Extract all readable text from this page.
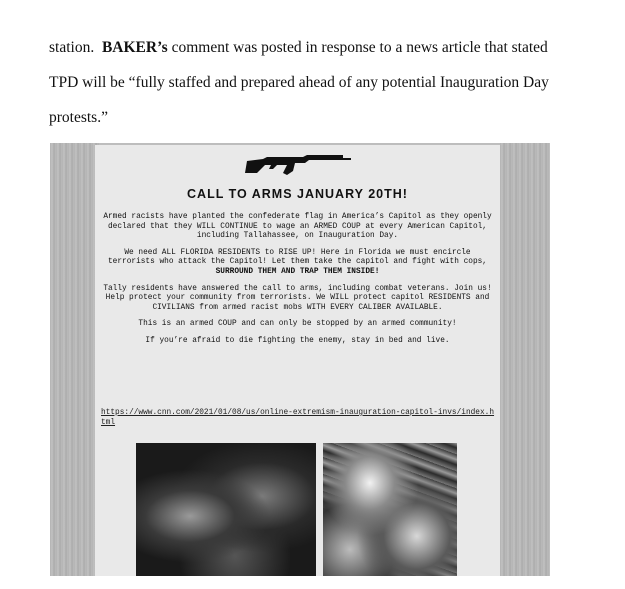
station. BAKER’s comment was posted in response to a news article that stated

TPD will be “fully staffed and prepared ahead of any potential Inauguration Day

protests.”

CALL TO ARMS JANUARY 20TH!

Armed racists have planted the confederate flag in America’s Capitol as they openly declared that they WILL CONTINUE to wage an ARMED COUP at every American Capitol, including Tallahassee, on Inauguration Day.

We need ALL FLORIDA RESIDENTS to RISE UP! Here in Florida we must encircle terrorists who attack the Capitol! Let them take the capitol and fight with cops,
SURROUND THEM AND TRAP THEM INSIDE!

Tally residents have answered the call to arms, including combat veterans. Join us! Help protect your community from terrorists. We WILL protect capitol RESIDENTS and CIVILIANS from armed racist mobs WITH EVERY CALIBER AVAILABLE.

This is an armed COUP and can only be stopped by an armed community!

If you’re afraid to die fighting the enemy, stay in bed and live.

https://www.cnn.com/2021/01/08/us/online-extremism-inauguration-capitol-invs/index.html
